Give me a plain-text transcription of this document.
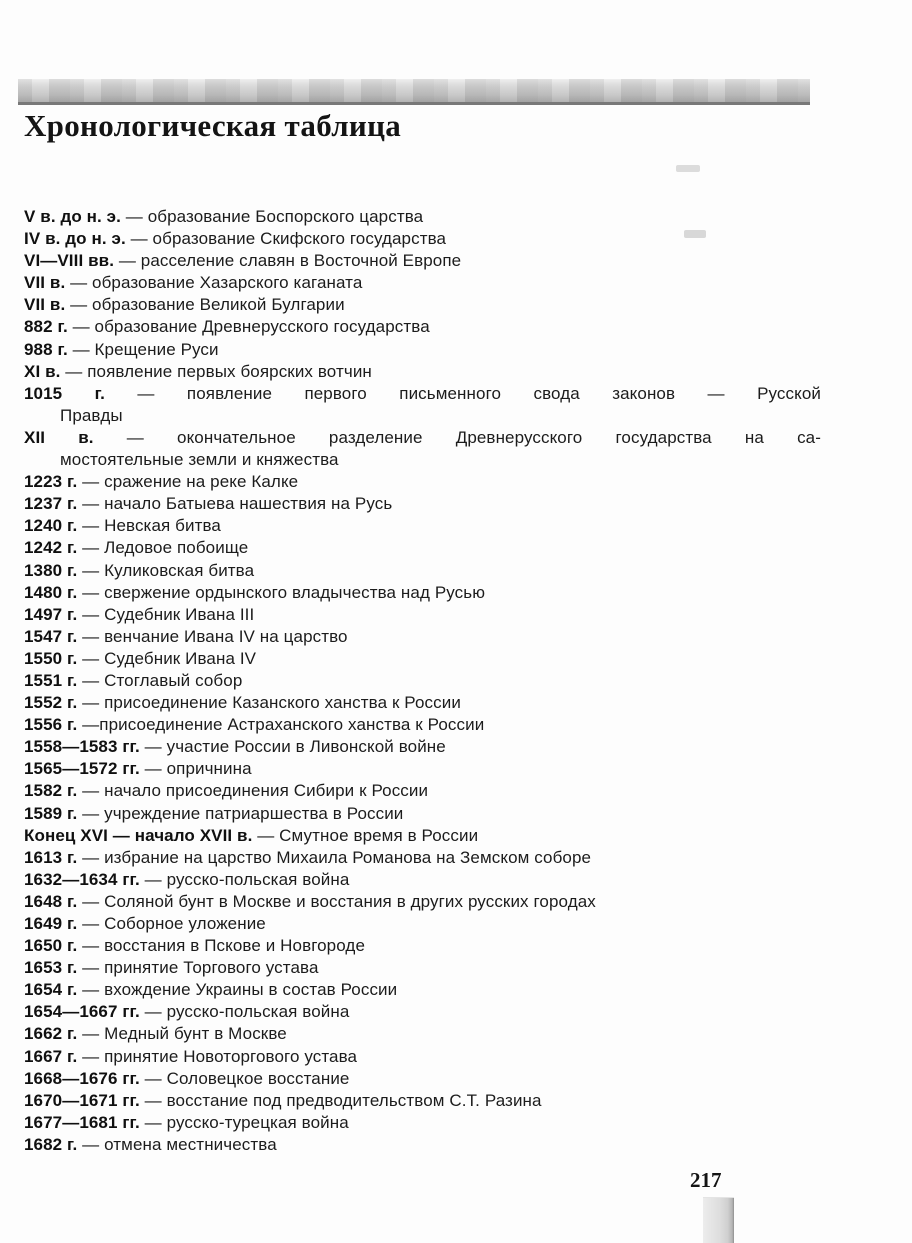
Хронологическая таблица
V в. до н. э. — образование Боспорского царства
IV в. до н. э. — образование Скифского государства
VI—VIII вв. — расселение славян в Восточной Европе
VII в. — образование Хазарского каганата
VII в. — образование Великой Булгарии
882 г. — образование Древнерусского государства
988 г. — Крещение Руси
XI в. — появление первых боярских вотчин
1015 г. — появление первого письменного свода законов — Русской
Правды
XII в. — окончательное разделение Древнерусского государства на са-
мостоятельные земли и княжества
1223 г. — сражение на реке Калке
1237 г. — начало Батыева нашествия на Русь
1240 г. — Невская битва
1242 г. — Ледовое побоище
1380 г. — Куликовская битва
1480 г. — свержение ордынского владычества над Русью
1497 г. — Судебник Ивана III
1547 г. — венчание Ивана IV на царство
1550 г. — Судебник Ивана IV
1551 г. — Стоглавый собор
1552 г. — присоединение Казанского ханства к России
1556 г. —присоединение Астраханского ханства к России
1558—1583 гг. — участие России в Ливонской войне
1565—1572 гг. — опричнина
1582 г. — начало присоединения Сибири к России
1589 г. — учреждение патриаршества в России
Конец XVI — начало XVII в. — Смутное время в России
1613 г. — избрание на царство Михаила Романова на Земском соборе
1632—1634 гг. — русско-польская война
1648 г. — Соляной бунт в Москве и восстания в других русских городах
1649 г. — Соборное уложение
1650 г. — восстания в Пскове и Новгороде
1653 г. — принятие Торгового устава
1654 г. — вхождение Украины в состав России
1654—1667 гг. — русско-польская война
1662 г. — Медный бунт в Москве
1667 г. — принятие Новоторгового устава
1668—1676 гг. — Соловецкое восстание
1670—1671 гг. — восстание под предводительством С.Т. Разина
1677—1681 гг. — русско-турецкая война
1682 г. — отмена местничества
217
